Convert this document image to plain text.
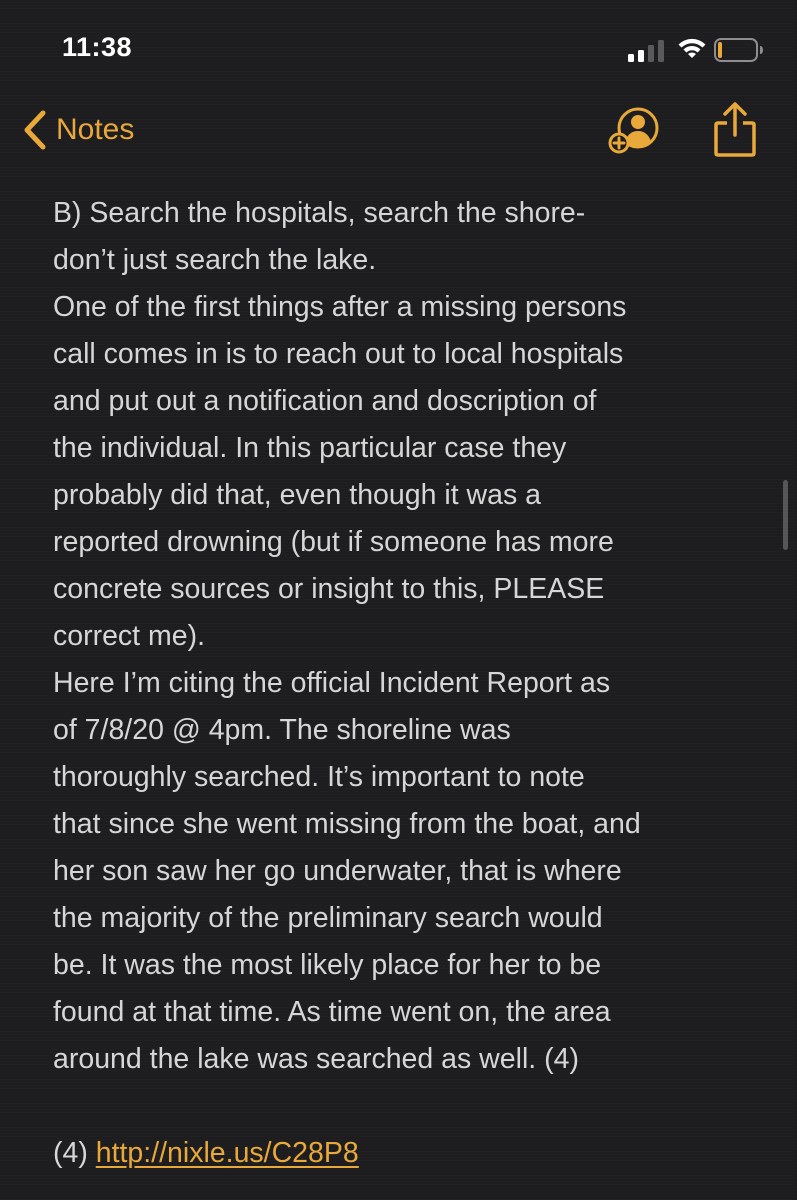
11:38
Notes
B) Search the hospitals, search the shore-
don’t just search the lake.
One of the first things after a missing persons
call comes in is to reach out to local hospitals
and put out a notification and doscription of
the individual. In this particular case they
probably did that, even though it was a
reported drowning (but if someone has more
concrete sources or insight to this, PLEASE
correct me).
Here I’m citing the official Incident Report as
of 7/8/20 @ 4pm. The shoreline was
thoroughly searched. It’s important to note
that since she went missing from the boat, and
her son saw her go underwater, that is where
the majority of the preliminary search would
be. It was the most likely place for her to be
found at that time. As time went on, the area
around the lake was searched as well. (4)
(4) http://nixle.us/C28P8
